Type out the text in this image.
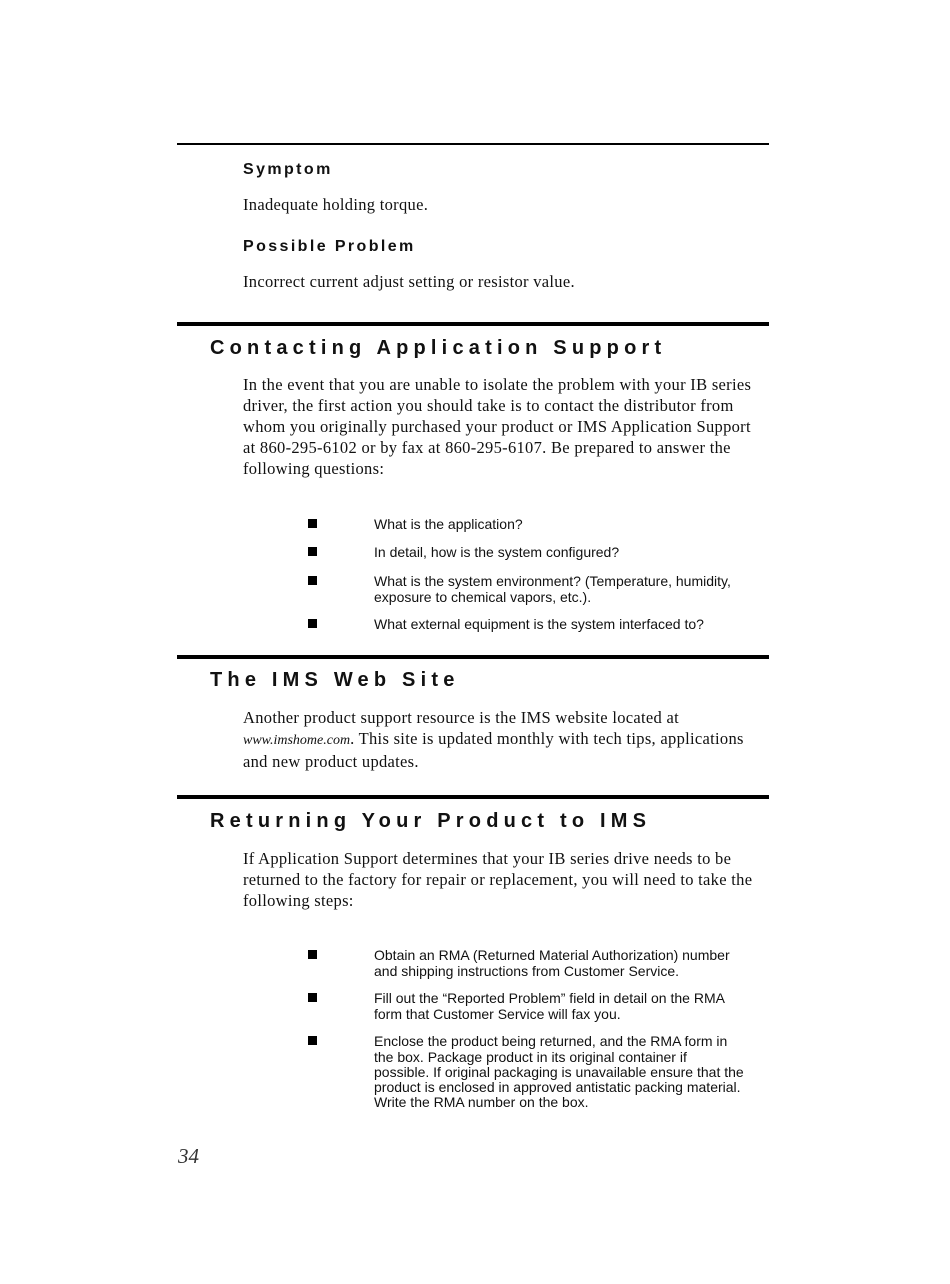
Symptom

Inadequate holding torque.

Possible Problem

Incorrect current adjust setting or resistor value.

Contacting Application Support
In the event that you are unable to isolate the problem with your IB series
driver, the first action you should take is to contact the distributor from
whom you originally purchased your product or IMS Application Support
at 860-295-6102 or by fax at 860-295-6107. Be prepared to answer the
following questions:
What is the application?
In detail, how is the system configured?
What is the system environment? (Temperature, humidity,
exposure to chemical vapors, etc.).
What external equipment is the system interfaced to?
The IMS Web Site
Another product support resource is the IMS website located at
www.imshome.com. This site is updated monthly with tech tips, applications
and new product updates.
Returning Your Product to IMS
If Application Support determines that your IB series drive needs to be
returned to the factory for repair or replacement, you will need to take the
following steps:
Obtain an RMA (Returned Material Authorization) number
and shipping instructions from Customer Service.
Fill out the “Reported Problem” field in detail on the RMA
form that Customer Service will fax you.
Enclose the product being returned, and the RMA form in
the box. Package product in its original container if
possible. If original packaging is unavailable ensure that the
product is enclosed in approved antistatic packing material.
Write the RMA number on the box.

34
